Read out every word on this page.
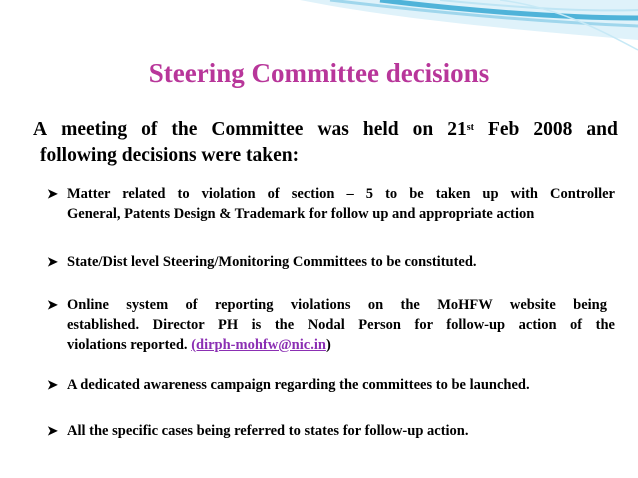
Steering Committee decisions
A meeting of the Committee was held on 21st Feb 2008 and
following decisions were taken:
➤ Matter related to violation of section – 5 to be taken up with Controller
General, Patents Design & Trademark for follow up and appropriate action
➤ State/Dist level Steering/Monitoring Committees to be constituted.
➤ Online system of reporting violations on the MoHFW website being
established. Director PH is the Nodal Person for follow-up action of the
violations reported. (dirph-mohfw@nic.in)
➤ A dedicated awareness campaign regarding the committees to be launched.
➤ All the specific cases being referred to states for follow-up action.
